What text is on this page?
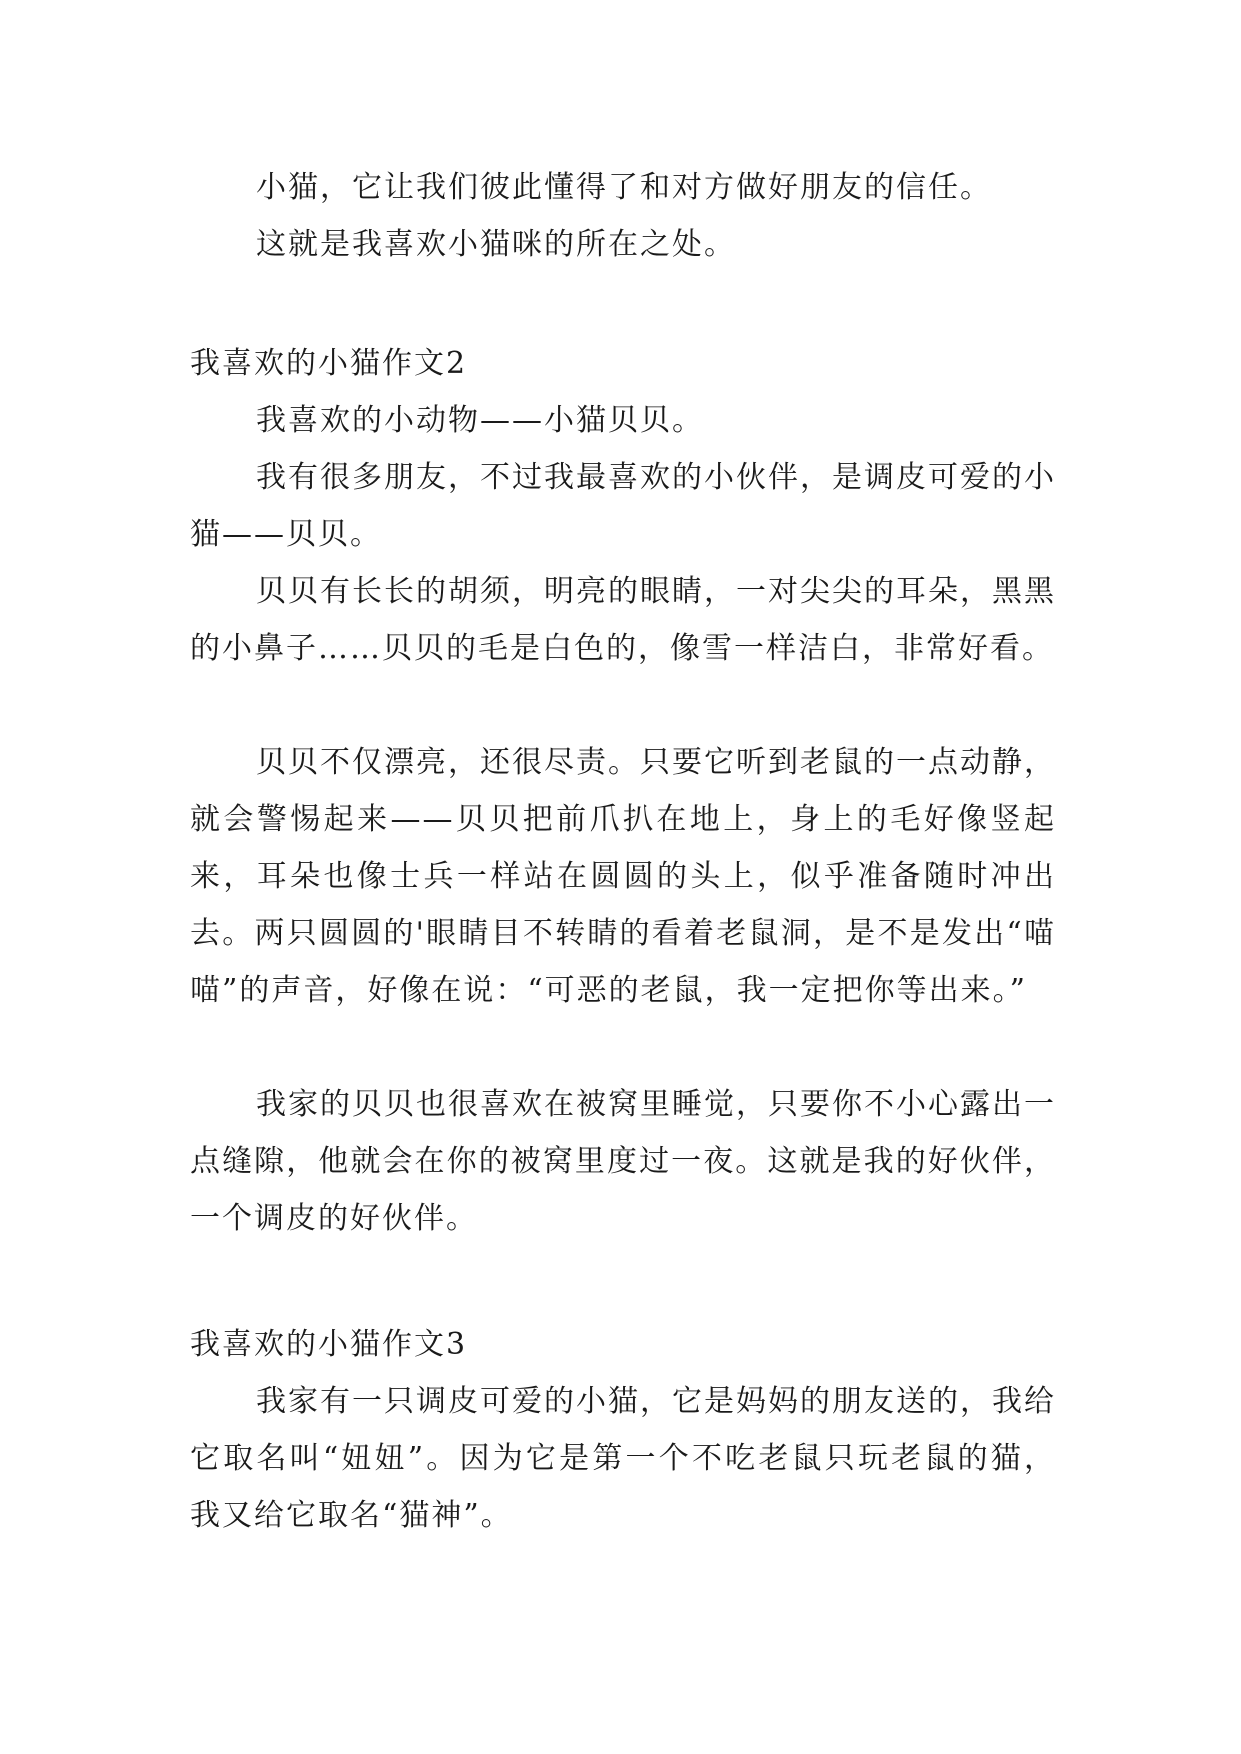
小猫，它让我们彼此懂得了和对方做好朋友的信任。

这就是我喜欢小猫咪的所在之处。

我喜欢的小猫作文2

我喜欢的小动物——小猫贝贝。

我有很多朋友，不过我最喜欢的小伙伴，是调皮可爱的小猫——贝贝。

贝贝有长长的胡须，明亮的眼睛，一对尖尖的耳朵，黑黑的小鼻子……贝贝的毛是白色的，像雪一样洁白，非常好看。

贝贝不仅漂亮，还很尽责。只要它听到老鼠的一点动静，就会警惕起来——贝贝把前爪扒在地上，身上的毛好像竖起来，耳朵也像士兵一样站在圆圆的头上，似乎准备随时冲出去。两只圆圆的'眼睛目不转睛的看着老鼠洞，是不是发出“喵喵”的声音，好像在说：“可恶的老鼠，我一定把你等出来。”

我家的贝贝也很喜欢在被窝里睡觉，只要你不小心露出一点缝隙，他就会在你的被窝里度过一夜。这就是我的好伙伴，一个调皮的好伙伴。

我喜欢的小猫作文3

我家有一只调皮可爱的小猫，它是妈妈的朋友送的，我给它取名叫“妞妞”。因为它是第一个不吃老鼠只玩老鼠的猫，我又给它取名“猫神”。
